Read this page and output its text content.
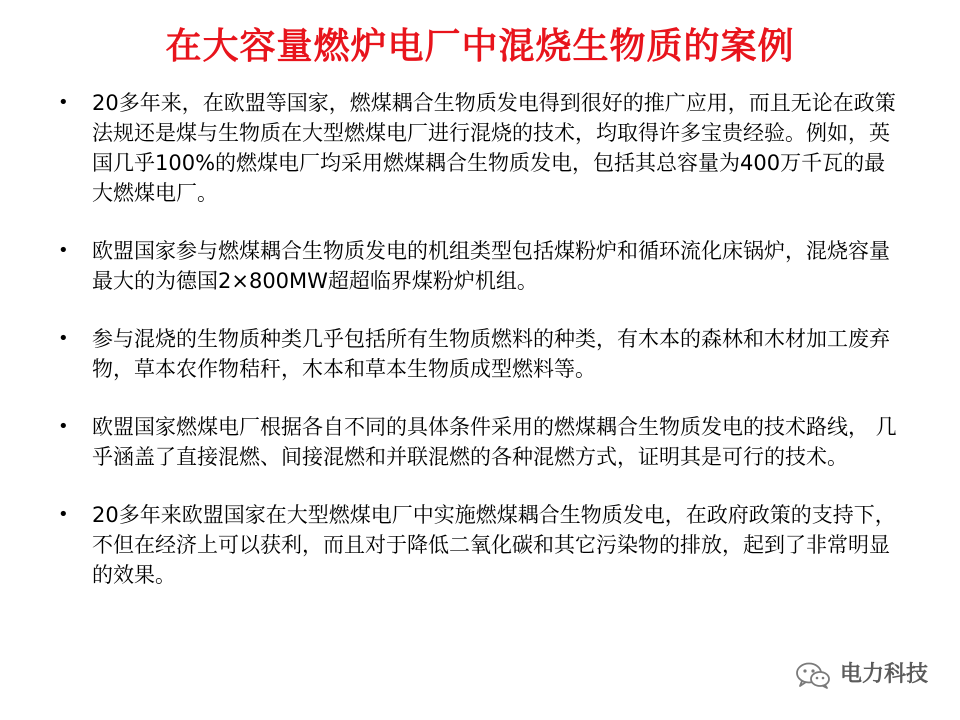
在大容量燃炉电厂中混烧生物质的案例
•	20多年来，在欧盟等国家，燃煤耦合生物质发电得到很好的推广应用，而且无论在政策法规还是煤与生物质在大型燃煤电厂进行混烧的技术，均取得许多宝贵经验。例如，英国几乎100%的燃煤电厂均采用燃煤耦合生物质发电，包括其总容量为400万千瓦的最大燃煤电厂。
•	欧盟国家参与燃煤耦合生物质发电的机组类型包括煤粉炉和循环流化床锅炉，混烧容量最大的为德国2×800MW超超临界煤粉炉机组。
•	参与混烧的生物质种类几乎包括所有生物质燃料的种类，有木本的森林和木材加工废弃物，草本农作物秸秆，木本和草本生物质成型燃料等。
•	欧盟国家燃煤电厂根据各自不同的具体条件采用的燃煤耦合生物质发电的技术路线， 几乎涵盖了直接混燃、间接混燃和并联混燃的各种混燃方式，证明其是可行的技术。
•	20多年来欧盟国家在大型燃煤电厂中实施燃煤耦合生物质发电，在政府政策的支持下， 不但在经济上可以获利，而且对于降低二氧化碳和其它污染物的排放，起到了非常明显的效果。
电力科技
